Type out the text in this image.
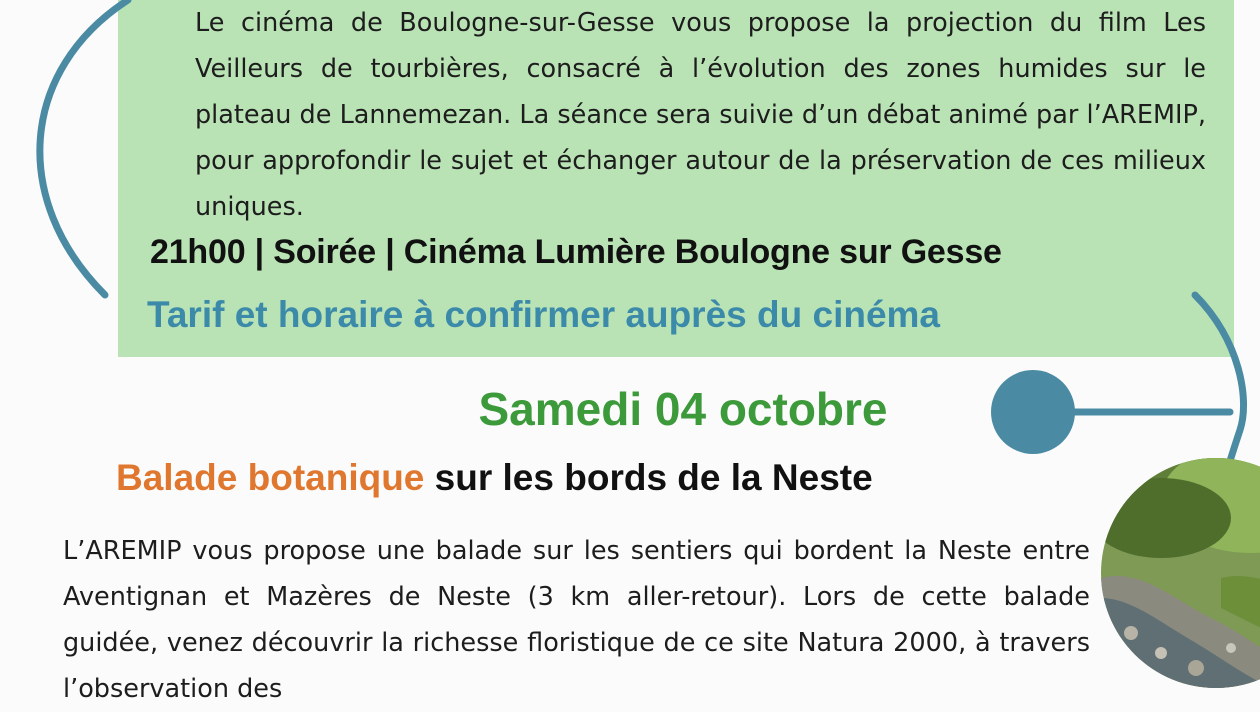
Le cinéma de Boulogne-sur-Gesse vous propose la projection du film Les Veilleurs de tourbières, consacré à l’évolution des zones humides sur le plateau de Lannemezan. La séance sera suivie d’un débat animé par l’AREMIP, pour approfondir le sujet et échanger autour de la préservation de ces milieux uniques.
21h00 | Soirée | Cinéma Lumière Boulogne sur Gesse
Tarif et horaire à confirmer auprès du cinéma
Samedi 04 octobre
Balade botanique sur les bords de la Neste
L’AREMIP vous propose une balade sur les sentiers qui bordent la Neste entre Aventignan et Mazères de Neste (3 km aller-retour). Lors de cette balade guidée, venez découvrir la richesse floristique de ce site Natura 2000, à travers l’observation des
